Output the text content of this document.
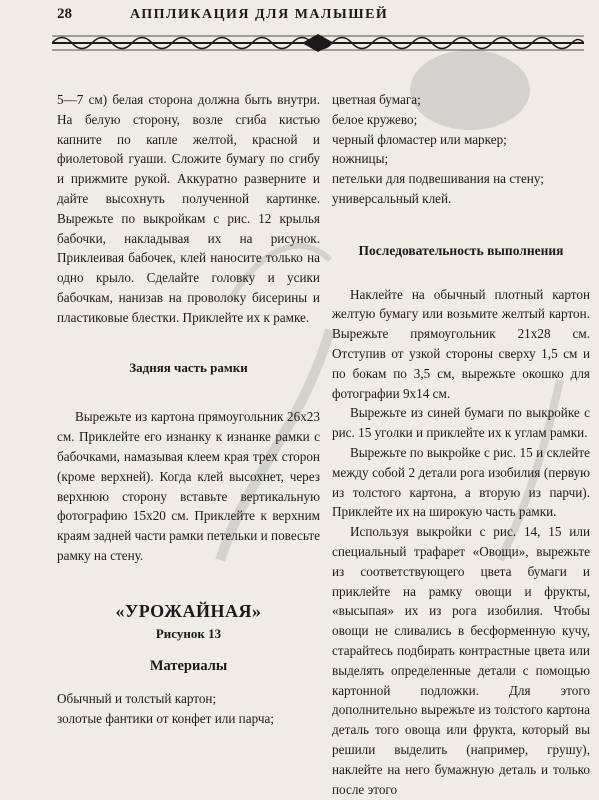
28	АППЛИКАЦИЯ ДЛЯ МАЛЫШЕЙ

5—7 см) белая сторона должна быть внутри. На белую сторону, возле сгиба кистью капните по капле желтой, красной и фиолетовой гуаши. Сложите бумагу по сгибу и прижмите рукой. Аккуратно разверните и дайте высохнуть полученной картинке. Вырежьте по выкройкам с рис. 12 крылья бабочки, накладывая их на рисунок. Приклеивая бабочек, клей наносите только на одно крыло. Сделайте головку и усики бабочкам, нанизав на проволоку бисерины и пластиковые блестки. Приклейте их к рамке.

Задняя часть рамки

Вырежьте из картона прямоугольник 26x23 см. Приклейте его изнанку к изнанке рамки с бабочками, намазывая клеем края трех сторон (кроме верхней). Когда клей высохнет, через верхнюю сторону вставьте вертикальную фотографию 15x20 см. Приклейте к верхним краям задней части рамки петельки и повесьте рамку на стену.

«УРОЖАЙНАЯ»
Рисунок 13
Материалы

Обычный и толстый картон;

золотые фантики от конфет или парча;

цветная бумага;

белое кружево;

черный фломастер или маркер;

ножницы;

петельки для подвешивания на стену;

универсальный клей.

Последовательность выполнения

Наклейте на обычный плотный картон желтую бумагу или возьмите желтый картон. Вырежьте прямоугольник 21x28 см. Отступив от узкой стороны сверху 1,5 см и по бокам по 3,5 см, вырежьте окошко для фотографии 9x14 см.

Вырежьте из синей бумаги по выкройке с рис. 15 уголки и приклейте их к углам рамки.

Вырежьте по выкройке с рис. 15 и склейте между собой 2 детали рога изобилия (первую из толстого картона, а вторую из парчи). Приклейте их на широкую часть рамки.

Используя выкройки с рис. 14, 15 или специальный трафарет «Овощи», вырежьте из соответствующего цвета бумаги и приклейте на рамку овощи и фрукты, «высыпая» их из рога изобилия. Чтобы овощи не сливались в бесформенную кучу, старайтесь подбирать контрастные цвета или выделять определенные детали с помощью картонной подложки. Для этого дополнительно вырежьте из толстого картона деталь того овоща или фрукта, который вы решили выделить (например, грушу), наклейте на него бумажную деталь и только после этого
